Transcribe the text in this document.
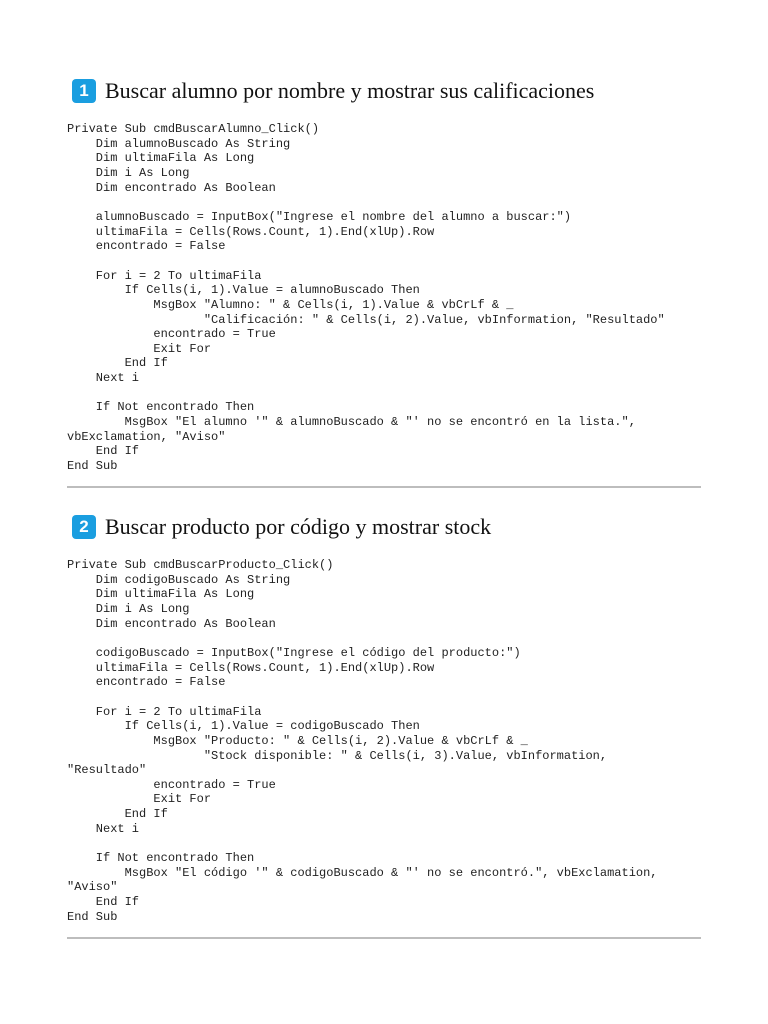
1 Buscar alumno por nombre y mostrar sus calificaciones
Private Sub cmdBuscarAlumno_Click()
Dim alumnoBuscado As String
Dim ultimaFila As Long
Dim i As Long
Dim encontrado As Boolean
alumnoBuscado = InputBox("Ingrese el nombre del alumno a buscar:")
ultimaFila = Cells(Rows.Count, 1).End(xlUp).Row
encontrado = False
For i = 2 To ultimaFila
If Cells(i, 1).Value = alumnoBuscado Then
MsgBox "Alumno: " & Cells(i, 1).Value & vbCrLf & _
"Calificación: " & Cells(i, 2).Value, vbInformation, "Resultado"
encontrado = True
Exit For
End If
Next i
If Not encontrado Then
MsgBox "El alumno '" & alumnoBuscado & "' no se encontró en la lista.",
vbExclamation, "Aviso"
End If
End Sub
2 Buscar producto por código y mostrar stock
Private Sub cmdBuscarProducto_Click()
Dim codigoBuscado As String
Dim ultimaFila As Long
Dim i As Long
Dim encontrado As Boolean
codigoBuscado = InputBox("Ingrese el código del producto:")
ultimaFila = Cells(Rows.Count, 1).End(xlUp).Row
encontrado = False
For i = 2 To ultimaFila
If Cells(i, 1).Value = codigoBuscado Then
MsgBox "Producto: " & Cells(i, 2).Value & vbCrLf & _
"Stock disponible: " & Cells(i, 3).Value, vbInformation,
"Resultado"
encontrado = True
Exit For
End If
Next i
If Not encontrado Then
MsgBox "El código '" & codigoBuscado & "' no se encontró.", vbExclamation,
"Aviso"
End If
End Sub
